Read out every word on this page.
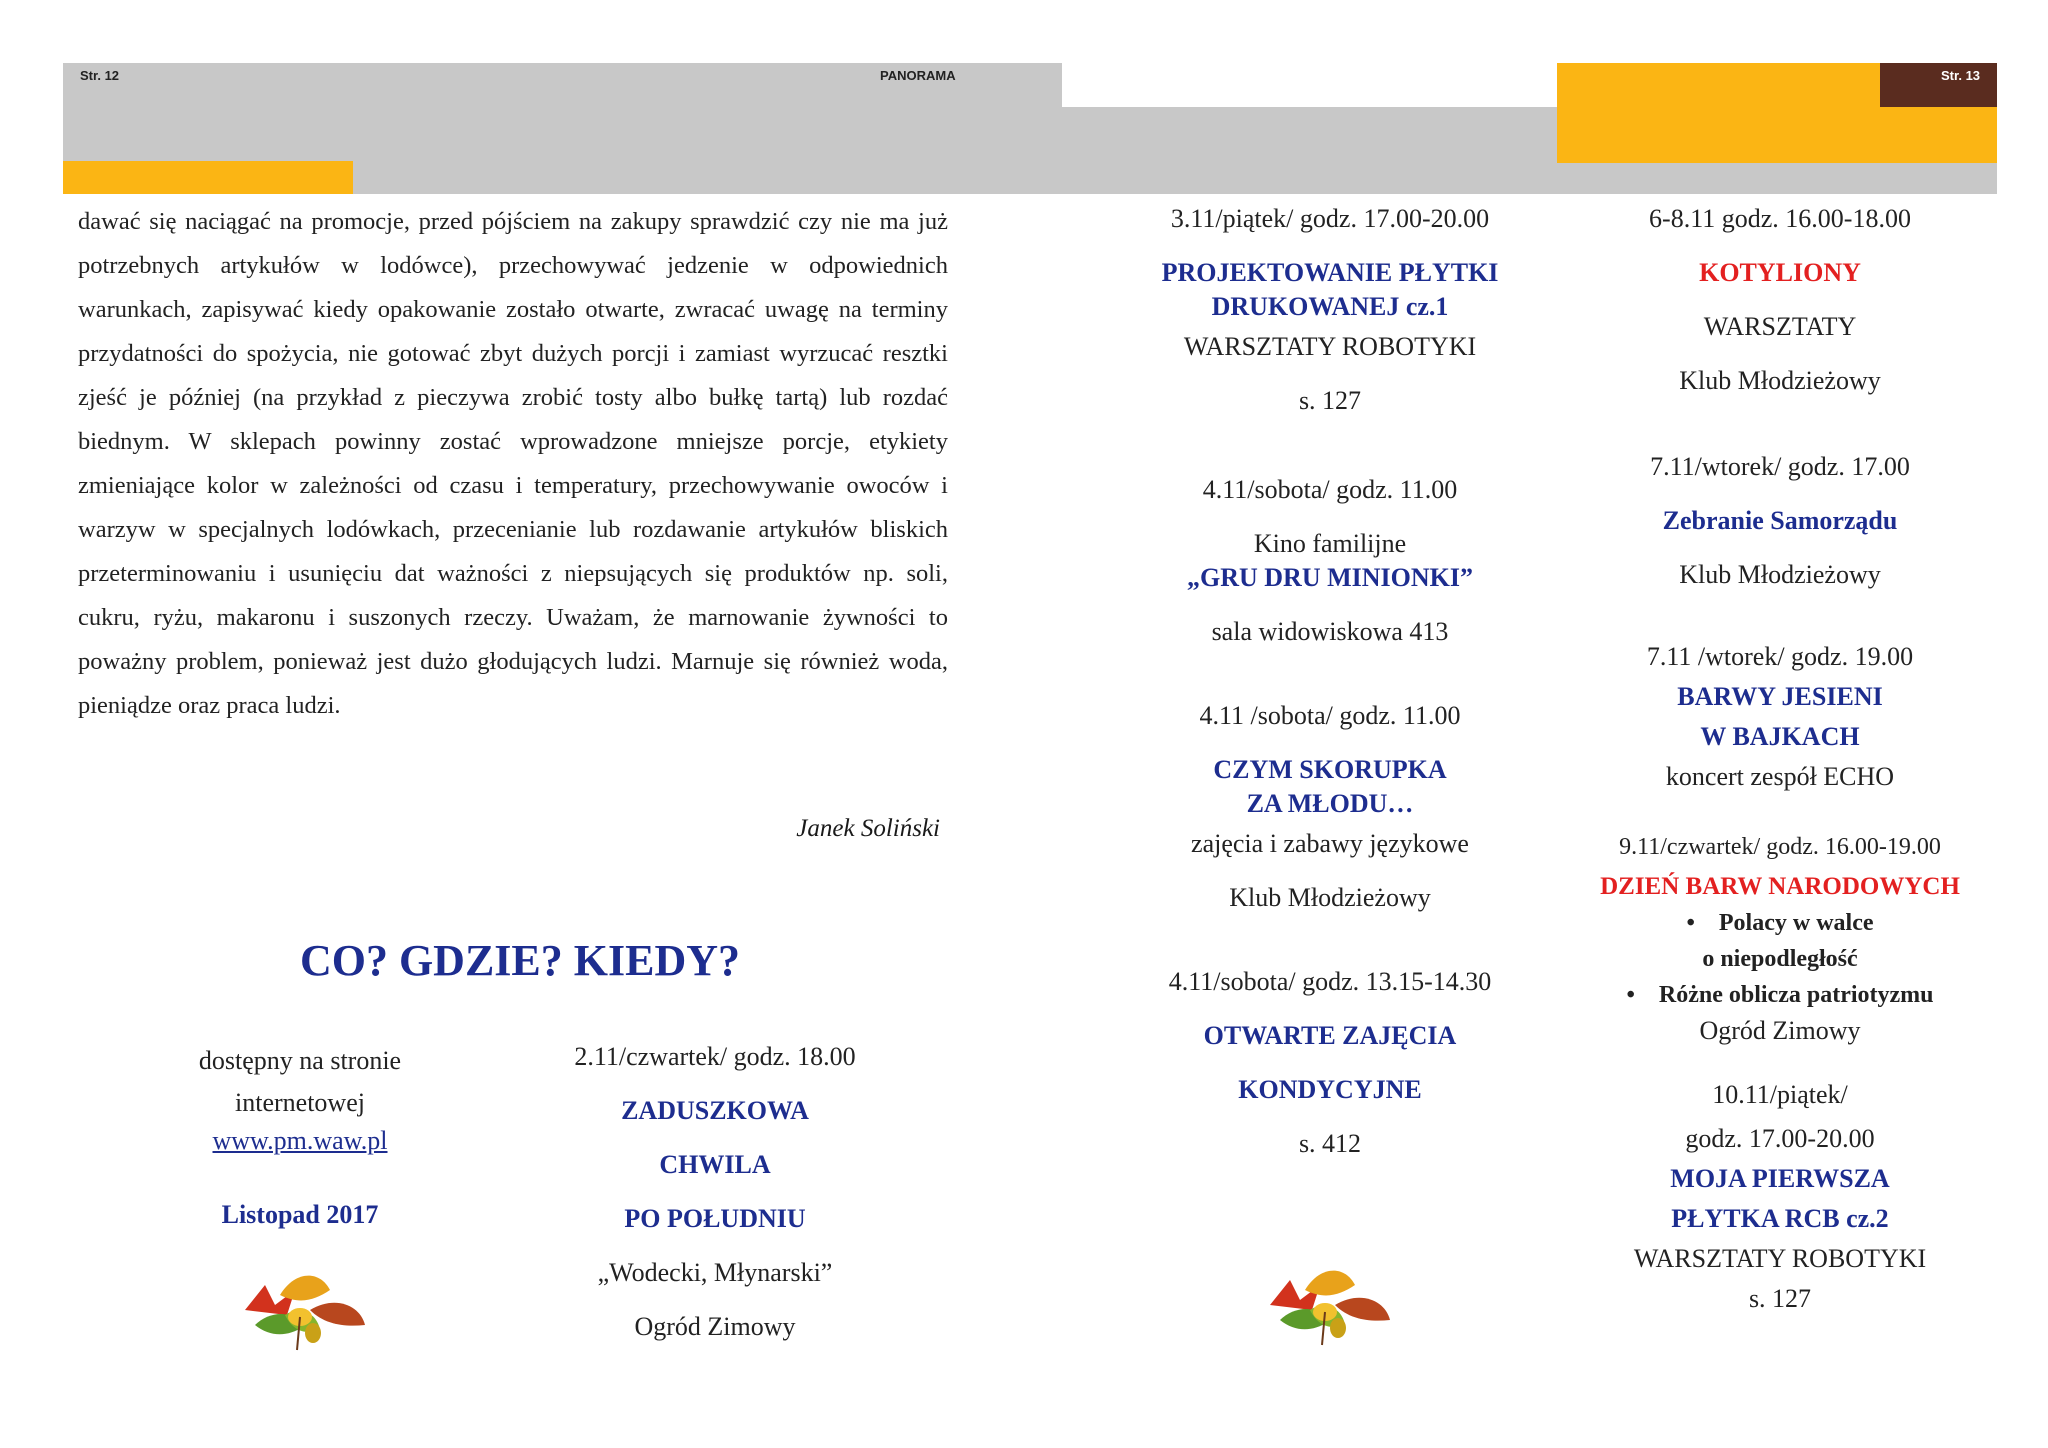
Str. 12	PANORAMA	Str. 13
dawać się naciągać na promocje, przed pójściem na zakupy sprawdzić czy nie ma już potrzebnych artykułów w lodówce), przechowywać jedzenie w odpowiednich warunkach, zapisywać kiedy opakowanie zostało otwarte, zwracać uwagę na terminy przydatności do spożycia, nie gotować zbyt dużych porcji i zamiast wyrzucać resztki zjeść je później (na przykład z pieczywa zrobić tosty albo bułkę tartą) lub rozdać biednym. W sklepach powinny zostać wprowadzone mniejsze porcje, etykiety zmieniające kolor w zależności od czasu i temperatury, przechowywanie owoców i warzyw w specjalnych lodówkach, przecenianie lub rozdawanie artykułów bliskich przeterminowaniu i usunięciu dat ważności z niepsujących się produktów np. soli, cukru, ryżu, makaronu i suszonych rzeczy. Uważam, że marnowanie żywności to poważny problem, ponieważ jest dużo głodujących ludzi. Marnuje się również woda, pieniądze oraz praca ludzi.
Janek Soliński
CO? GDZIE? KIEDY?
dostępny na stronie
internetowej
www.pm.waw.pl
Listopad 2017
2.11/czwartek/ godz. 18.00
ZADUSZKOWA
CHWILA
PO POŁUDNIU
„Wodecki, Młynarski”
Ogród Zimowy
3.11/piątek/ godz. 17.00-20.00
PROJEKTOWANIE PŁYTKI
DRUKOWANEJ cz.1
WARSZTATY ROBOTYKI
s. 127
4.11/sobota/ godz. 11.00
Kino familijne
„GRU DRU MINIONKI”
sala widowiskowa 413
4.11 /sobota/ godz. 11.00
CZYM SKORUPKA
ZA MŁODU…
zajęcia i zabawy językowe
Klub Młodzieżowy
4.11/sobota/ godz. 13.15-14.30
OTWARTE ZAJĘCIA
KONDYCYJNE
s. 412
6-8.11 godz. 16.00-18.00
KOTYLIONY
WARSZTATY
Klub Młodzieżowy
7.11/wtorek/ godz. 17.00
Zebranie Samorządu
Klub Młodzieżowy
7.11 /wtorek/ godz. 19.00
BARWY JESIENI
W BAJKACH
koncert zespół ECHO
9.11/czwartek/ godz. 16.00-19.00
DZIEŃ BARW NARODOWYCH
• Polacy w walce
o niepodległość
• Różne oblicza patriotyzmu
Ogród Zimowy
10.11/piątek/
godz. 17.00-20.00
MOJA PIERWSZA
PŁYTKA RCB cz.2
WARSZTATY ROBOTYKI
s. 127
